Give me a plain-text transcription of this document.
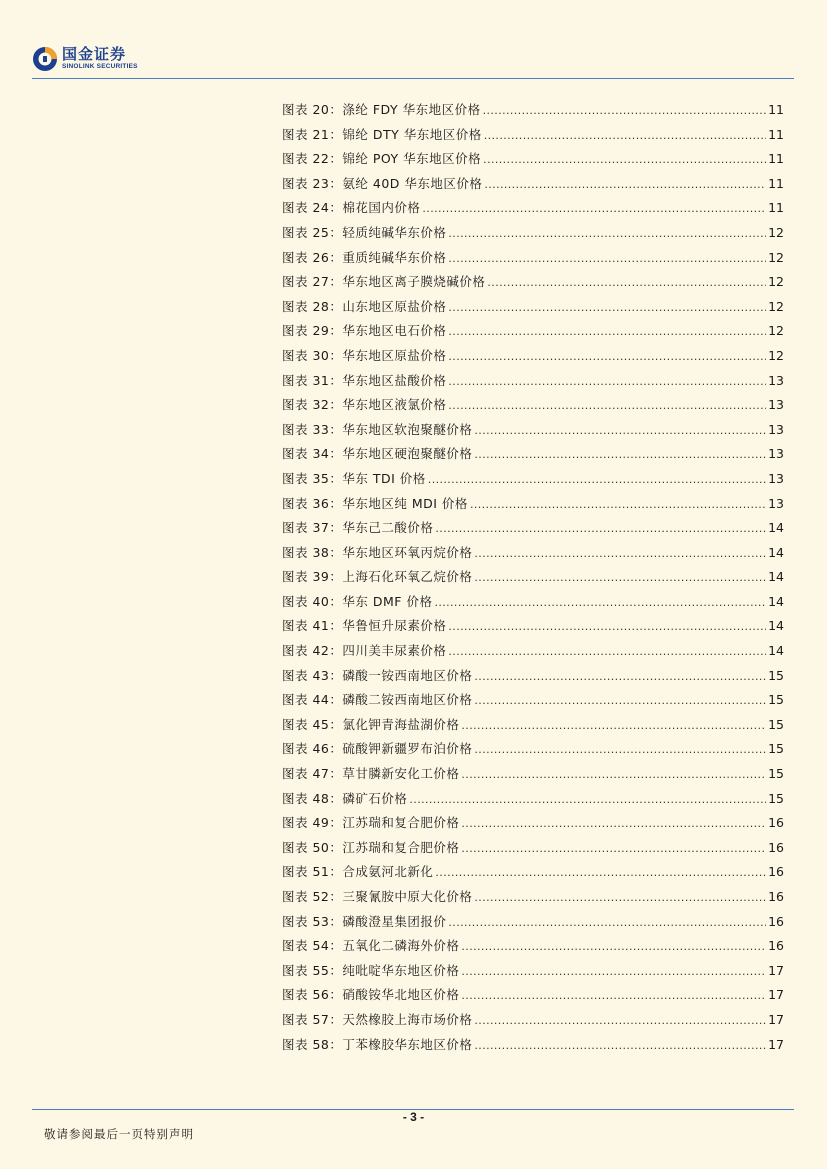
国金证券
SINOLINK SECURITIES
图表 20： 涤纶 FDY 华东地区价格 .....	11
图表 21： 锦纶 DTY 华东地区价格 .....	11
图表 22： 锦纶 POY 华东地区价格 .....	11
图表 23： 氨纶 40D 华东地区价格 .....	11
图表 24： 棉花国内价格 .....	11
图表 25： 轻质纯碱华东价格 .....	12
图表 26： 重质纯碱华东价格 .....	12
图表 27： 华东地区离子膜烧碱价格 .....	12
图表 28： 山东地区原盐价格 .....	12
图表 29： 华东地区电石价格 .....	12
图表 30： 华东地区原盐价格 .....	12
图表 31： 华东地区盐酸价格 .....	13
图表 32： 华东地区液氯价格 .....	13
图表 33： 华东地区软泡聚醚价格 .....	13
图表 34： 华东地区硬泡聚醚价格 .....	13
图表 35： 华东 TDI 价格 .....	13
图表 36： 华东地区纯 MDI 价格 .....	13
图表 37： 华东己二酸价格 .....	14
图表 38： 华东地区环氧丙烷价格 .....	14
图表 39： 上海石化环氧乙烷价格 .....	14
图表 40： 华东 DMF 价格 .....	14
图表 41： 华鲁恒升尿素价格 .....	14
图表 42： 四川美丰尿素价格 .....	14
图表 43： 磷酸一铵西南地区价格 .....	15
图表 44： 磷酸二铵西南地区价格 .....	15
图表 45： 氯化钾青海盐湖价格 .....	15
图表 46： 硫酸钾新疆罗布泊价格 .....	15
图表 47： 草甘膦新安化工价格 .....	15
图表 48： 磷矿石价格 .....	15
图表 49： 江苏瑞和复合肥价格 .....	16
图表 50： 江苏瑞和复合肥价格 .....	16
图表 51： 合成氨河北新化 .....	16
图表 52： 三聚氰胺中原大化价格 .....	16
图表 53： 磷酸澄星集团报价 .....	16
图表 54： 五氧化二磷海外价格 .....	16
图表 55： 纯吡啶华东地区价格 .....	17
图表 56： 硝酸铵华北地区价格 .....	17
图表 57： 天然橡胶上海市场价格 .....	17
图表 58： 丁苯橡胶华东地区价格 .....	17
- 3 -
敬请参阅最后一页特别声明
